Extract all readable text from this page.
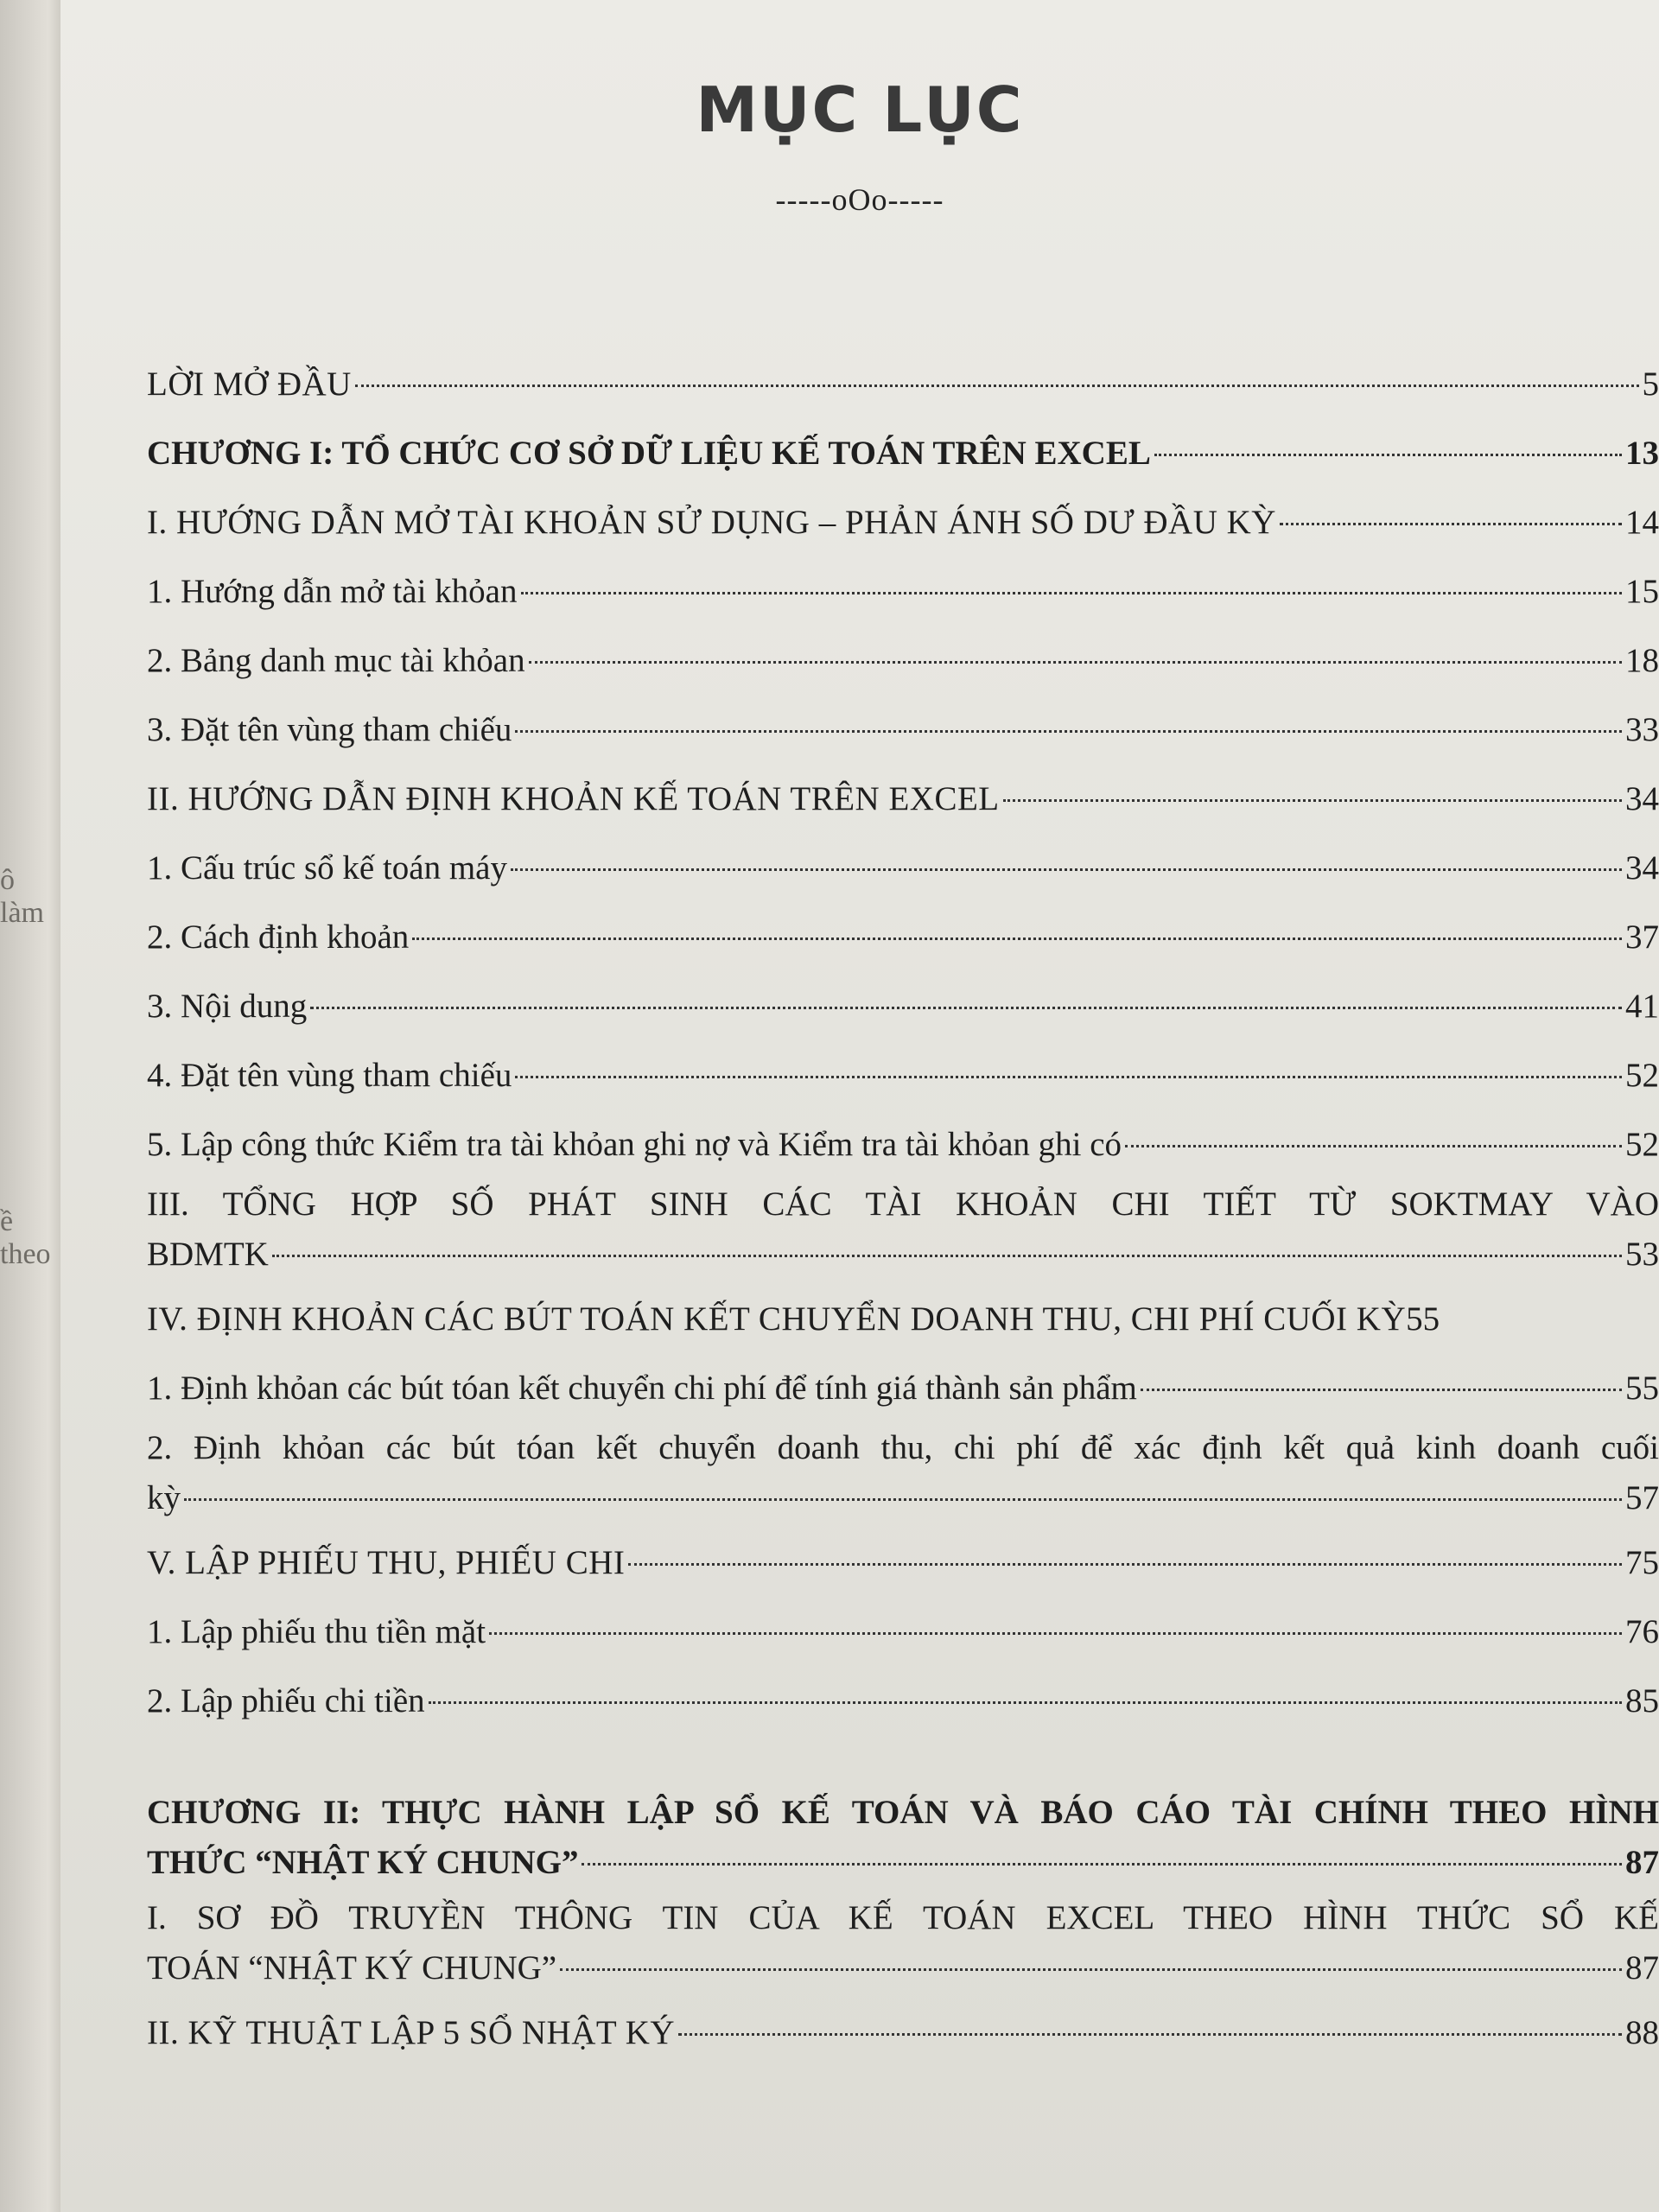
ô làm
ề theo
MỤC LỤC
-----oOo-----
LỜI MỞ ĐẦU	5
CHƯƠNG I: TỔ CHỨC CƠ SỞ DỮ LIỆU KẾ TOÁN TRÊN EXCEL	13
I. HƯỚNG DẪN MỞ TÀI KHOẢN SỬ DỤNG – PHẢN ÁNH SỐ DƯ ĐẦU KỲ	14
1. Hướng dẫn mở tài khỏan	15
2. Bảng danh mục tài khỏan	18
3. Đặt tên vùng tham chiếu	33
II. HƯỚNG DẪN ĐỊNH KHOẢN KẾ TOÁN TRÊN EXCEL	34
1. Cấu trúc sổ kế toán máy	34
2. Cách định khoản	37
3. Nội dung	41
4. Đặt tên vùng tham chiếu	52
5. Lập công thức Kiểm tra tài khỏan ghi nợ và Kiểm tra tài khỏan ghi có	52
III. TỔNG HỢP SỐ PHÁT SINH CÁC TÀI KHOẢN CHI TIẾT TỪ SOKTMAY VÀO
BDMTK	53
IV. ĐỊNH KHOẢN CÁC BÚT TOÁN KẾT CHUYỂN DOANH THU, CHI PHÍ CUỐI KỲ 55
1. Định khỏan các bút tóan kết chuyển chi phí để tính giá thành sản phẩm	55
2. Định khỏan các bút tóan kết chuyển doanh thu, chi phí để xác định kết quả kinh doanh cuối
kỳ	57
V. LẬP PHIẾU THU, PHIẾU CHI	75
1. Lập phiếu thu tiền mặt	76
2. Lập phiếu chi tiền	85
CHƯƠNG II: THỰC HÀNH LẬP SỔ KẾ TOÁN VÀ BÁO CÁO TÀI CHÍNH THEO HÌNH
THỨC “NHẬT KÝ CHUNG”	87
I. SƠ ĐỒ TRUYỀN THÔNG TIN CỦA KẾ TOÁN EXCEL THEO HÌNH THỨC SỔ KẾ
TOÁN “NHẬT KÝ CHUNG”	87
II. KỸ THUẬT LẬP 5 SỔ NHẬT KÝ	88
